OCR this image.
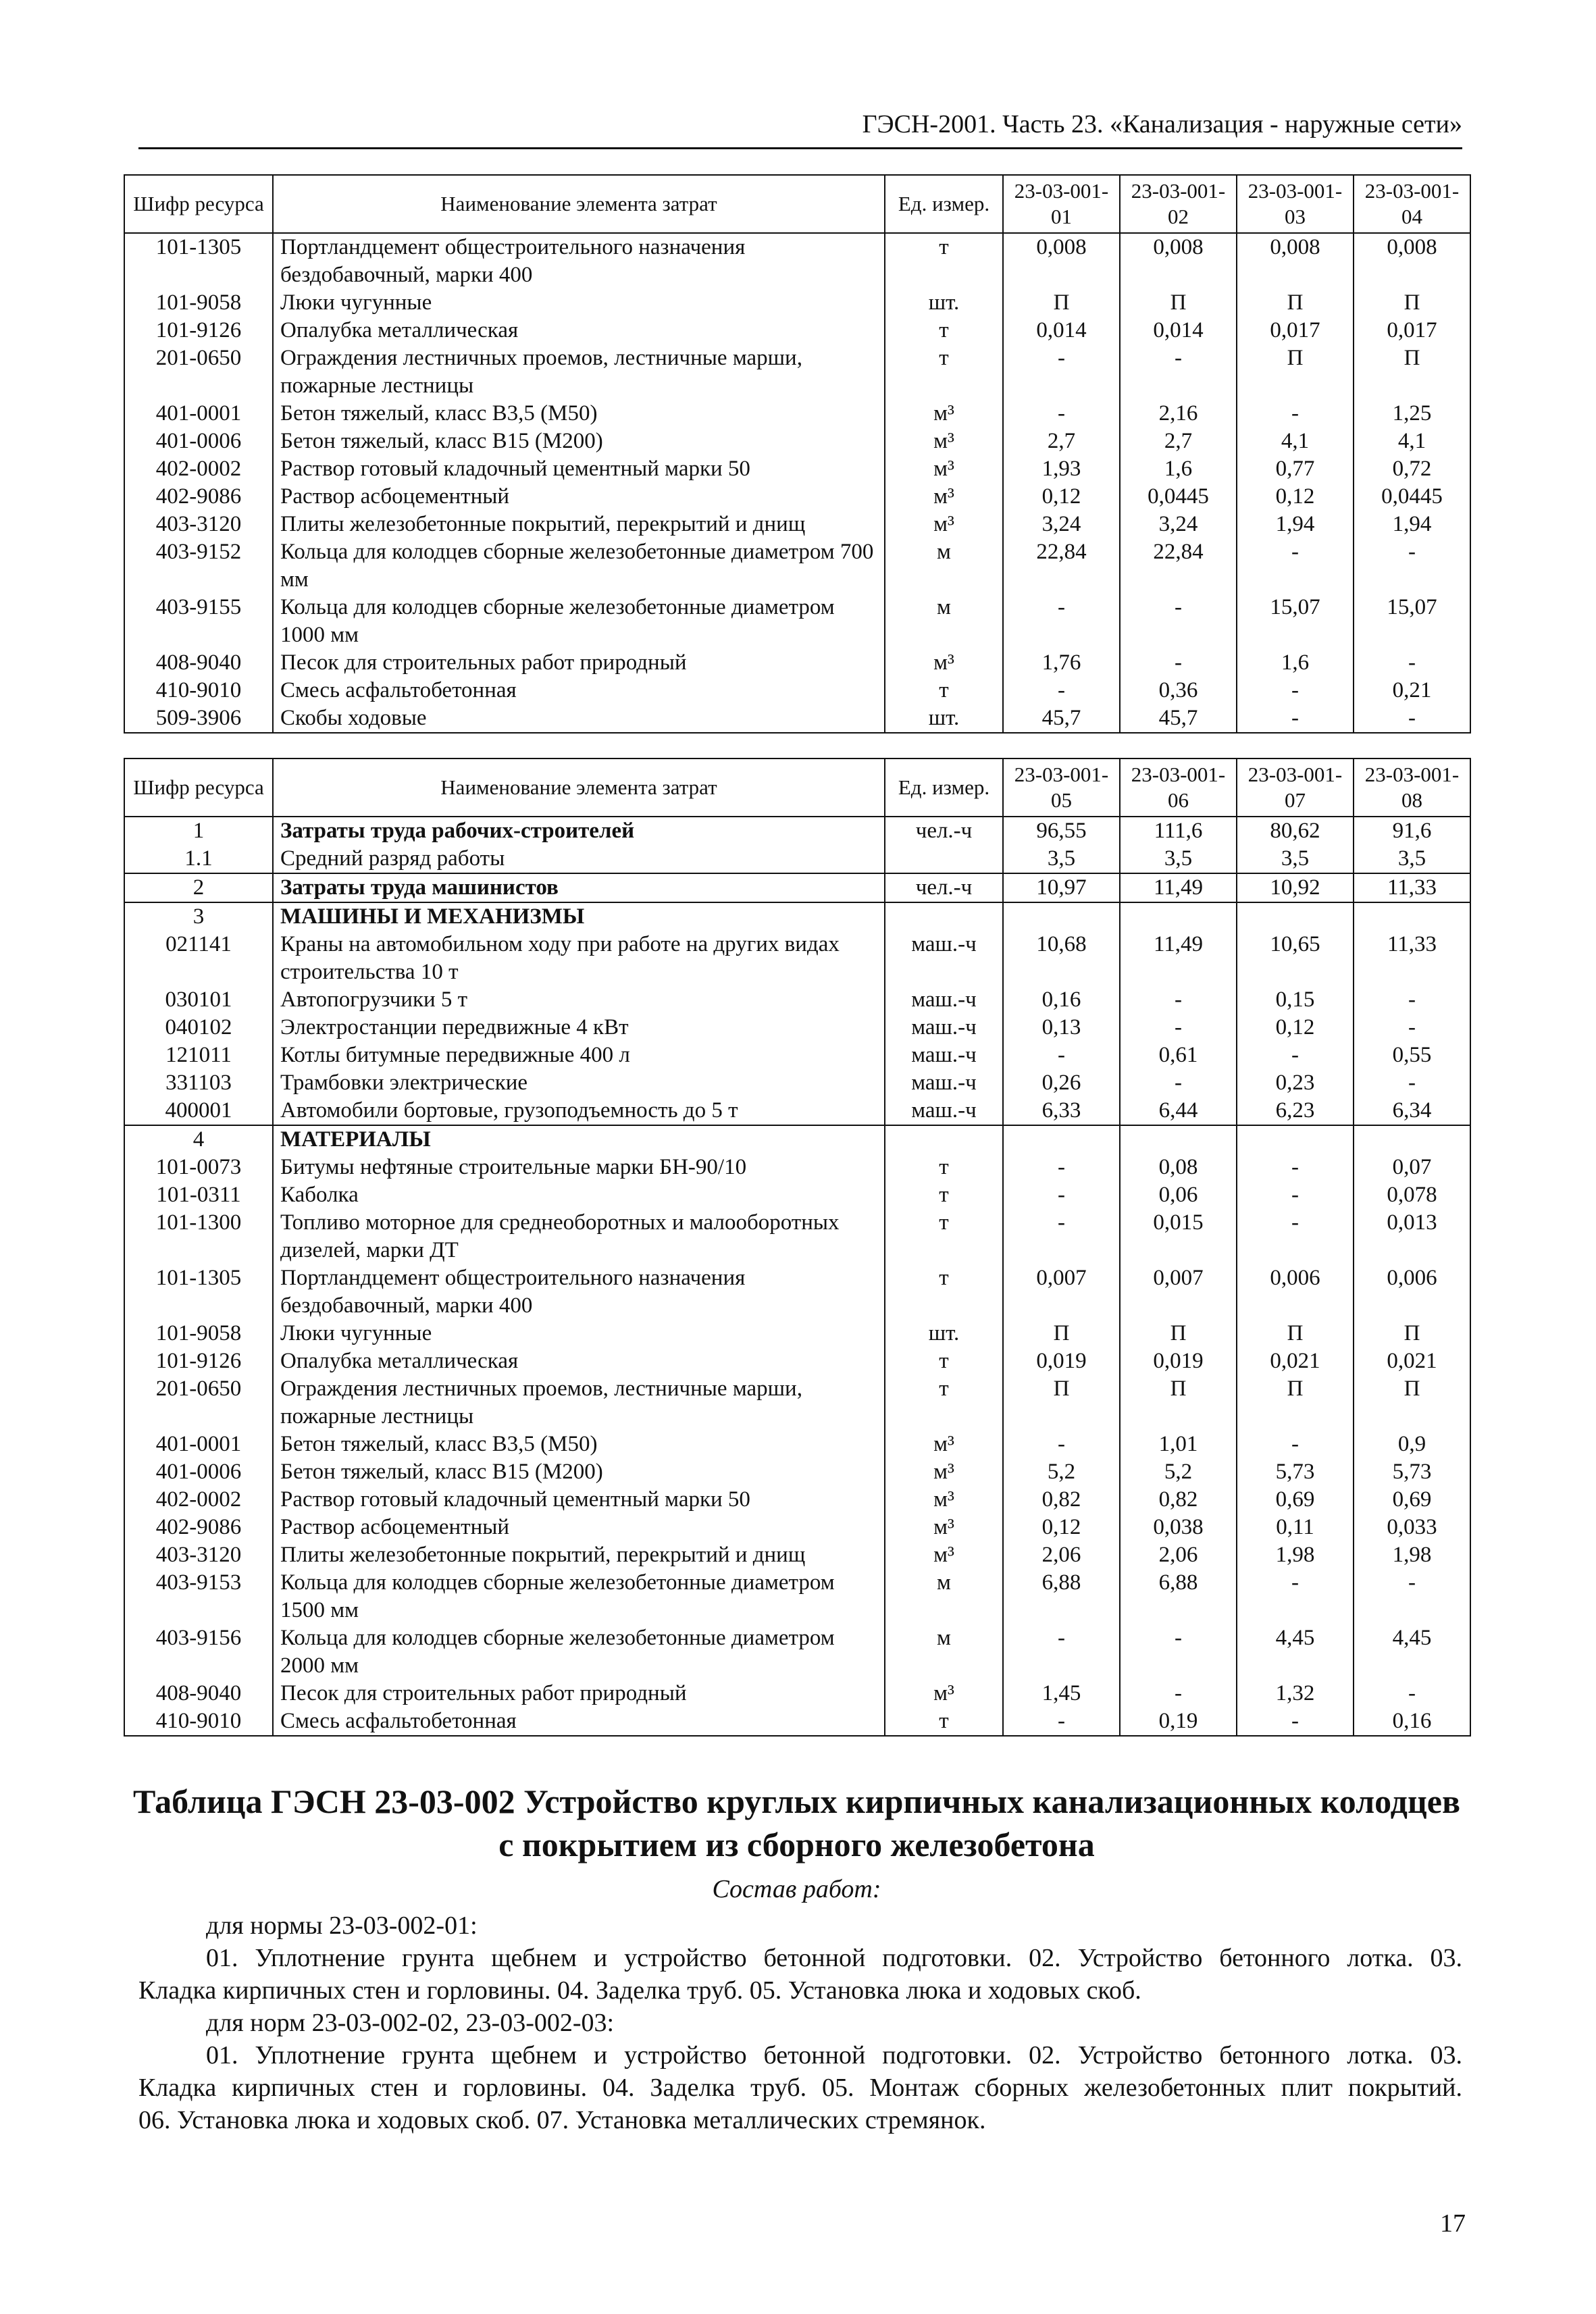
ГЭСН-2001. Часть 23. «Канализация - наружные сети»
Шифр ресурса	Наименование элемента затрат	Ед. измер.	23-03-001-01	23-03-001-02	23-03-001-03	23-03-001-04
101-1305	Портландцемент общестроительного назначения бездобавочный, марки 400	т	0,008	0,008	0,008	0,008
101-9058	Люки чугунные	шт.	П	П	П	П
101-9126	Опалубка металлическая	т	0,014	0,014	0,017	0,017
201-0650	Ограждения лестничных проемов, лестничные марши, пожарные лестницы	т	-	-	П	П
401-0001	Бетон тяжелый, класс В3,5 (М50)	м³	-	2,16	-	1,25
401-0006	Бетон тяжелый, класс В15 (М200)	м³	2,7	2,7	4,1	4,1
402-0002	Раствор готовый кладочный цементный марки 50	м³	1,93	1,6	0,77	0,72
402-9086	Раствор асбоцементный	м³	0,12	0,0445	0,12	0,0445
403-3120	Плиты железобетонные покрытий, перекрытий и днищ	м³	3,24	3,24	1,94	1,94
403-9152	Кольца для колодцев сборные железобетонные диаметром 700 мм	м	22,84	22,84	-	-
403-9155	Кольца для колодцев сборные железобетонные диаметром 1000 мм	м	-	-	15,07	15,07
408-9040	Песок для строительных работ природный	м³	1,76	-	1,6	-
410-9010	Смесь асфальтобетонная	т	-	0,36	-	0,21
509-3906	Скобы ходовые	шт.	45,7	45,7	-	-
Шифр ресурса	Наименование элемента затрат	Ед. измер.	23-03-001-05	23-03-001-06	23-03-001-07	23-03-001-08
1	Затраты труда рабочих-строителей	чел.-ч	96,55	111,6	80,62	91,6
1.1	Средний разряд работы		3,5	3,5	3,5	3,5
2	Затраты труда машинистов	чел.-ч	10,97	11,49	10,92	11,33
3	МАШИНЫ И МЕХАНИЗМЫ					
021141	Краны на автомобильном ходу при работе на других видах строительства 10 т	маш.-ч	10,68	11,49	10,65	11,33
030101	Автопогрузчики 5 т	маш.-ч	0,16	-	0,15	-
040102	Электростанции передвижные 4 кВт	маш.-ч	0,13	-	0,12	-
121011	Котлы битумные передвижные 400 л	маш.-ч	-	0,61	-	0,55
331103	Трамбовки электрические	маш.-ч	0,26	-	0,23	-
400001	Автомобили бортовые, грузоподъемность до 5 т	маш.-ч	6,33	6,44	6,23	6,34
4	МАТЕРИАЛЫ					
101-0073	Битумы нефтяные строительные марки БН-90/10	т	-	0,08	-	0,07
101-0311	Каболка	т	-	0,06	-	0,078
101-1300	Топливо моторное для среднеоборотных и малооборотных дизелей, марки ДТ	т	-	0,015	-	0,013
101-1305	Портландцемент общестроительного назначения бездобавочный, марки 400	т	0,007	0,007	0,006	0,006
101-9058	Люки чугунные	шт.	П	П	П	П
101-9126	Опалубка металлическая	т	0,019	0,019	0,021	0,021
201-0650	Ограждения лестничных проемов, лестничные марши, пожарные лестницы	т	П	П	П	П
401-0001	Бетон тяжелый, класс В3,5 (М50)	м³	-	1,01	-	0,9
401-0006	Бетон тяжелый, класс В15 (М200)	м³	5,2	5,2	5,73	5,73
402-0002	Раствор готовый кладочный цементный марки 50	м³	0,82	0,82	0,69	0,69
402-9086	Раствор асбоцементный	м³	0,12	0,038	0,11	0,033
403-3120	Плиты железобетонные покрытий, перекрытий и днищ	м³	2,06	2,06	1,98	1,98
403-9153	Кольца для колодцев сборные железобетонные диаметром 1500 мм	м	6,88	6,88	-	-
403-9156	Кольца для колодцев сборные железобетонные диаметром 2000 мм	м	-	-	4,45	4,45
408-9040	Песок для строительных работ природный	м³	1,45	-	1,32	-
410-9010	Смесь асфальтобетонная	т	-	0,19	-	0,16
Таблица ГЭСН 23-03-002 Устройство круглых кирпичных канализационных колодцев
с покрытием из сборного железобетона
Состав работ:
для нормы 23-03-002-01:
01. Уплотнение грунта щебнем и устройство бетонной подготовки. 02. Устройство бетонного лотка. 03.
Кладка кирпичных стен и горловины. 04. Заделка труб. 05. Установка люка и ходовых скоб.
для норм 23-03-002-02, 23-03-002-03:
01. Уплотнение грунта щебнем и устройство бетонной подготовки. 02. Устройство бетонного лотка. 03.
Кладка кирпичных стен и горловины. 04. Заделка труб. 05. Монтаж сборных железобетонных плит покрытий.
06. Установка люка и ходовых скоб. 07. Установка металлических стремянок.
17
